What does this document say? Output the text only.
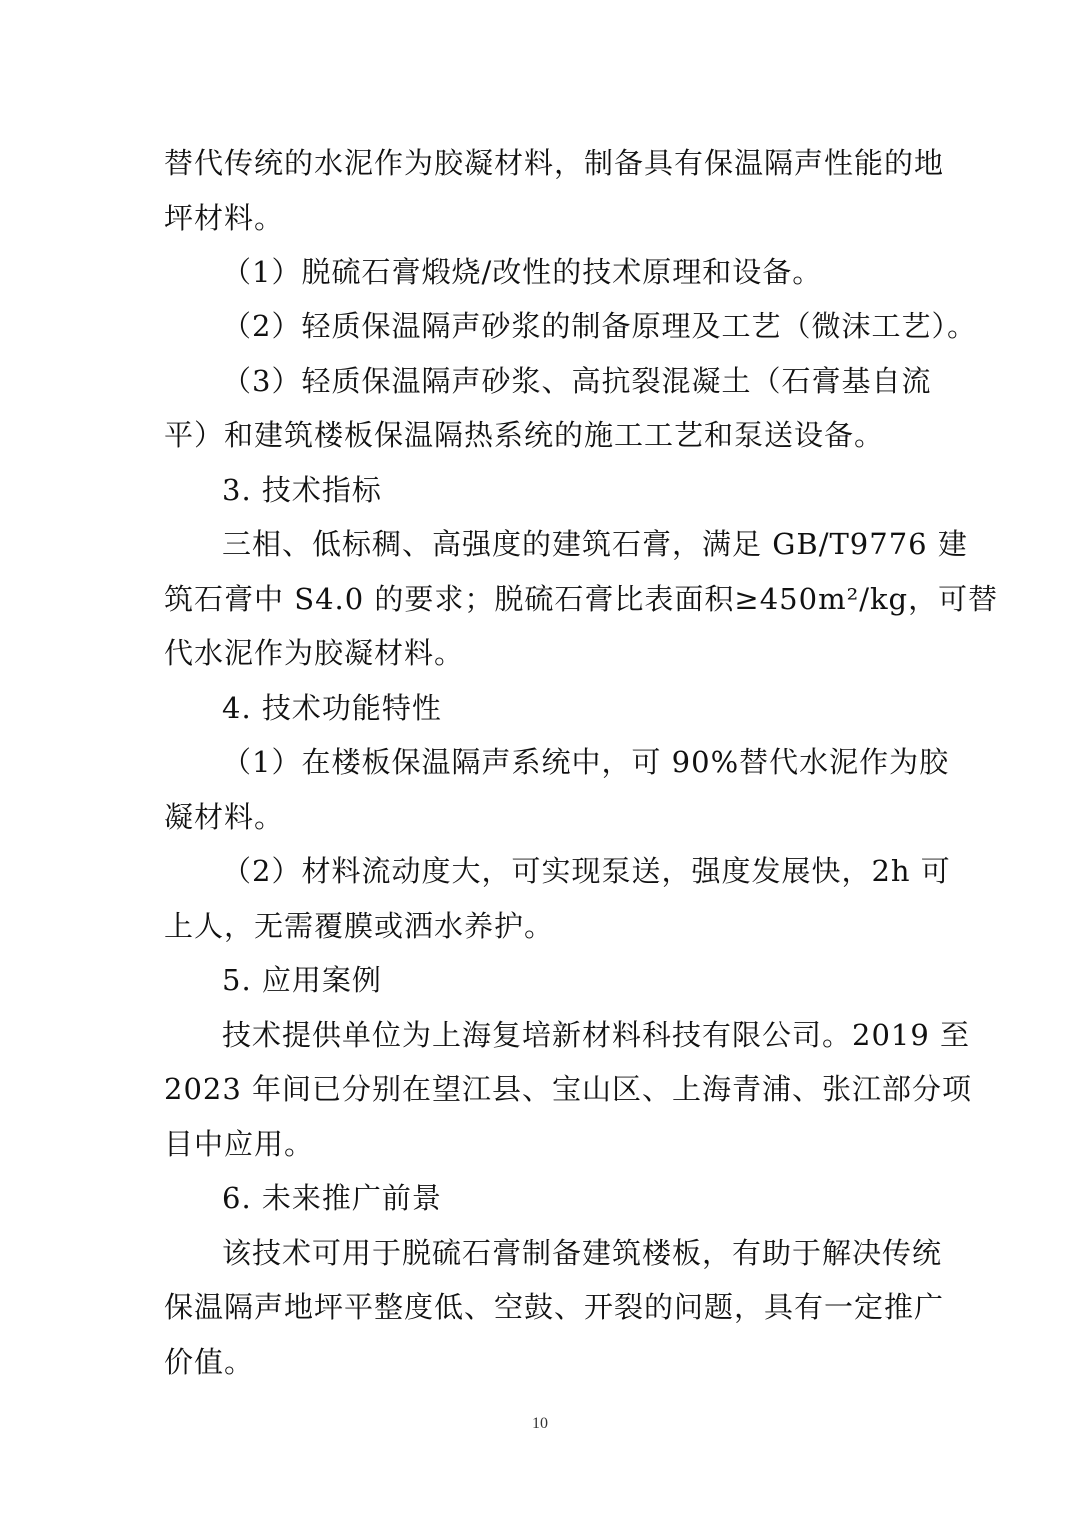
替代传统的水泥作为胶凝材料，制备具有保温隔声性能的地
坪材料。
（1）脱硫石膏煅烧/改性的技术原理和设备。
（2）轻质保温隔声砂浆的制备原理及工艺（微沫工艺）。
（3）轻质保温隔声砂浆、高抗裂混凝土（石膏基自流
平）和建筑楼板保温隔热系统的施工工艺和泵送设备。
3. 技术指标
三相、低标稠、高强度的建筑石膏，满足 GB/T9776 建
筑石膏中 S4.0 的要求；脱硫石膏比表面积≥450m²/kg，可替
代水泥作为胶凝材料。
4. 技术功能特性
（1）在楼板保温隔声系统中，可 90%替代水泥作为胶
凝材料。
（2）材料流动度大，可实现泵送，强度发展快，2h 可
上人，无需覆膜或洒水养护。
5. 应用案例
技术提供单位为上海复培新材料科技有限公司。2019 至
2023 年间已分别在望江县、宝山区、上海青浦、张江部分项
目中应用。
6. 未来推广前景
该技术可用于脱硫石膏制备建筑楼板，有助于解决传统
保温隔声地坪平整度低、空鼓、开裂的问题，具有一定推广
价值。
10
